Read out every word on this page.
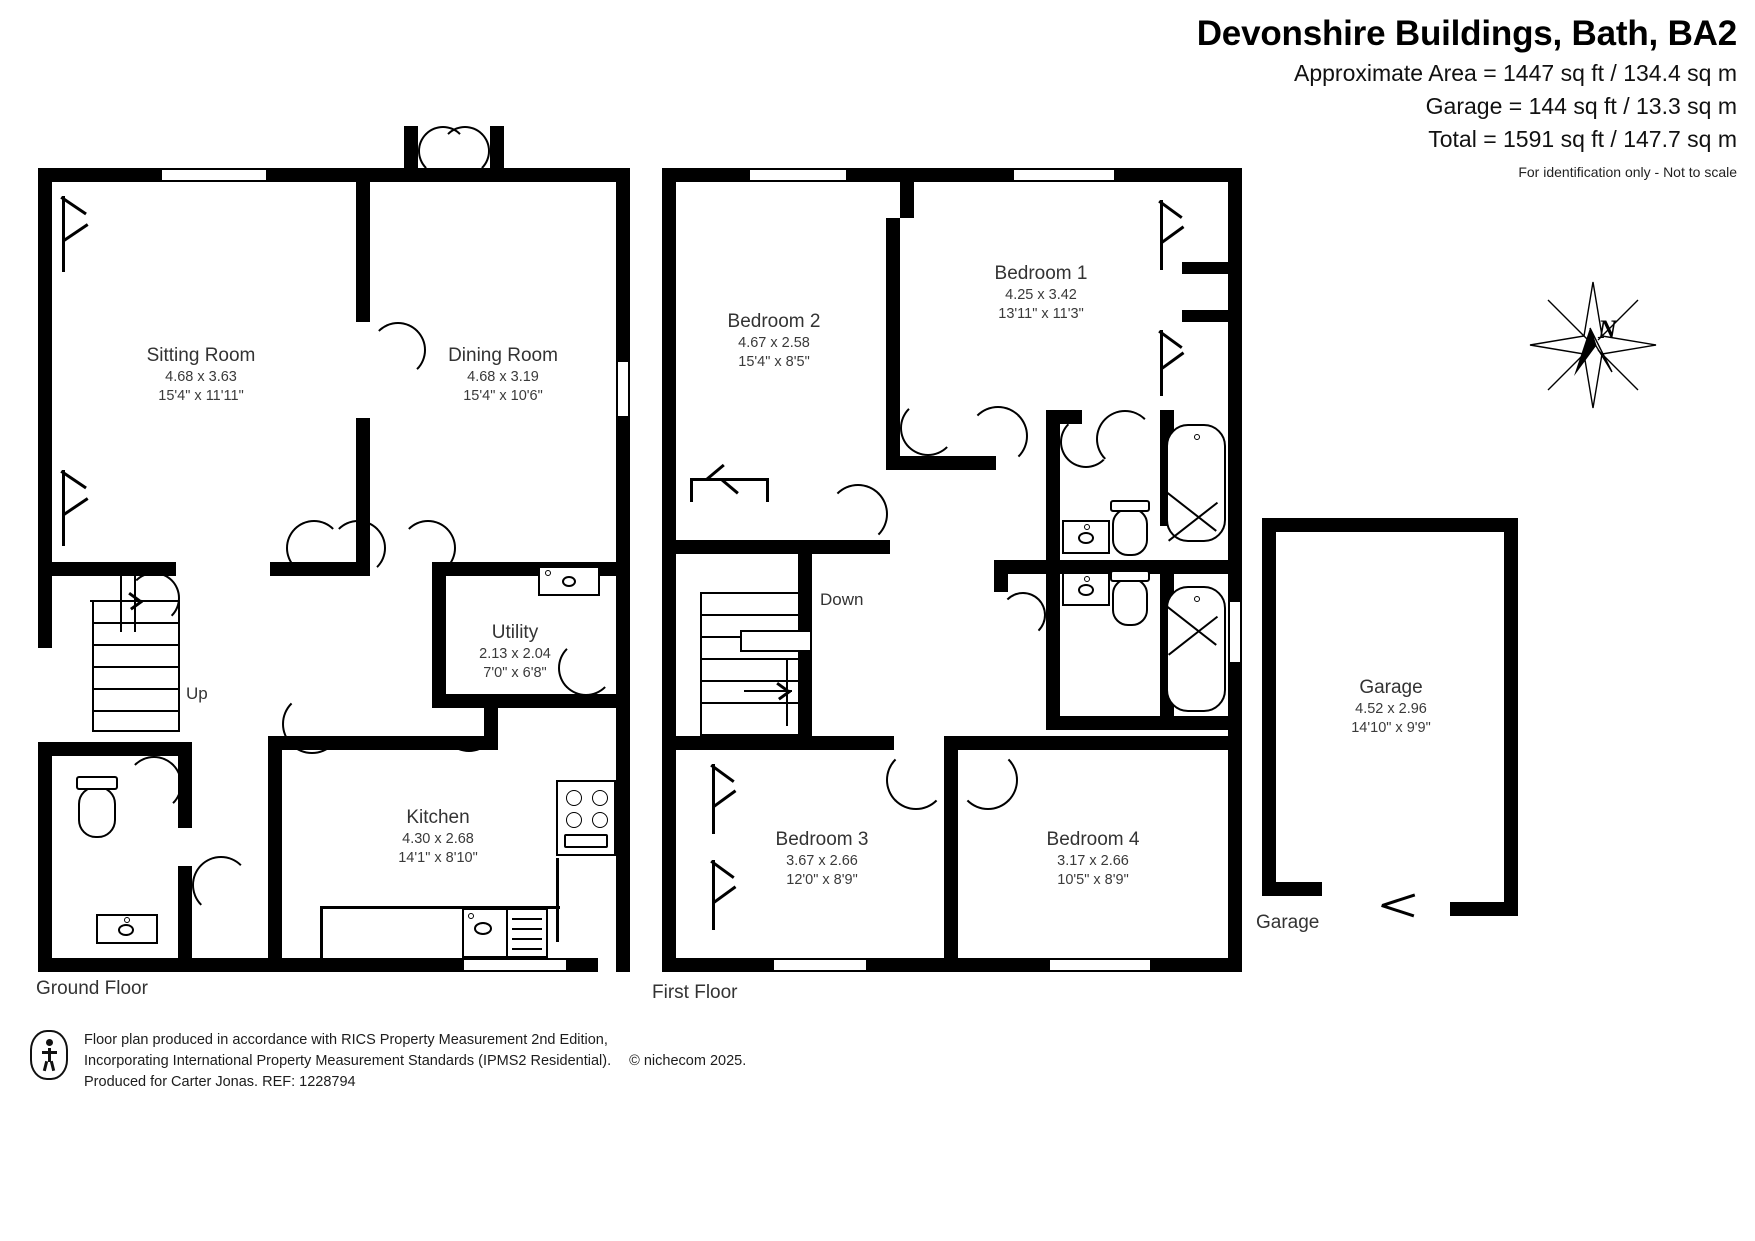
Devonshire Buildings, Bath, BA2
Approximate Area = 1447 sq ft / 134.4 sq m
Garage = 144 sq ft / 13.3 sq m
Total = 1591 sq ft / 147.7 sq m
For identification only - Not to scale
Up
Sitting Room
4.68 x 3.63
15'4" x 11'11"
Dining Room
4.68 x 3.19
15'4" x 10'6"
Utility
2.13 x 2.04
7'0" x 6'8"
Kitchen
4.30 x 2.68
14'1" x 8'10"
Ground Floor
Down
Bedroom 2
4.67 x 2.58
15'4" x 8'5"
Bedroom 1
4.25 x 3.42
13'11" x 11'3"
Bedroom 3
3.67 x 2.66
12'0" x 8'9"
Bedroom 4
3.17 x 2.66
10'5" x 8'9"
First Floor
Garage
4.52 x 2.96
14'10" x 9'9"
Garage
N
Floor plan produced in accordance with RICS Property Measurement 2nd Edition,
Incorporating International Property Measurement Standards (IPMS2 Residential). © nichecom 2025.
Produced for Carter Jonas. REF: 1228794
